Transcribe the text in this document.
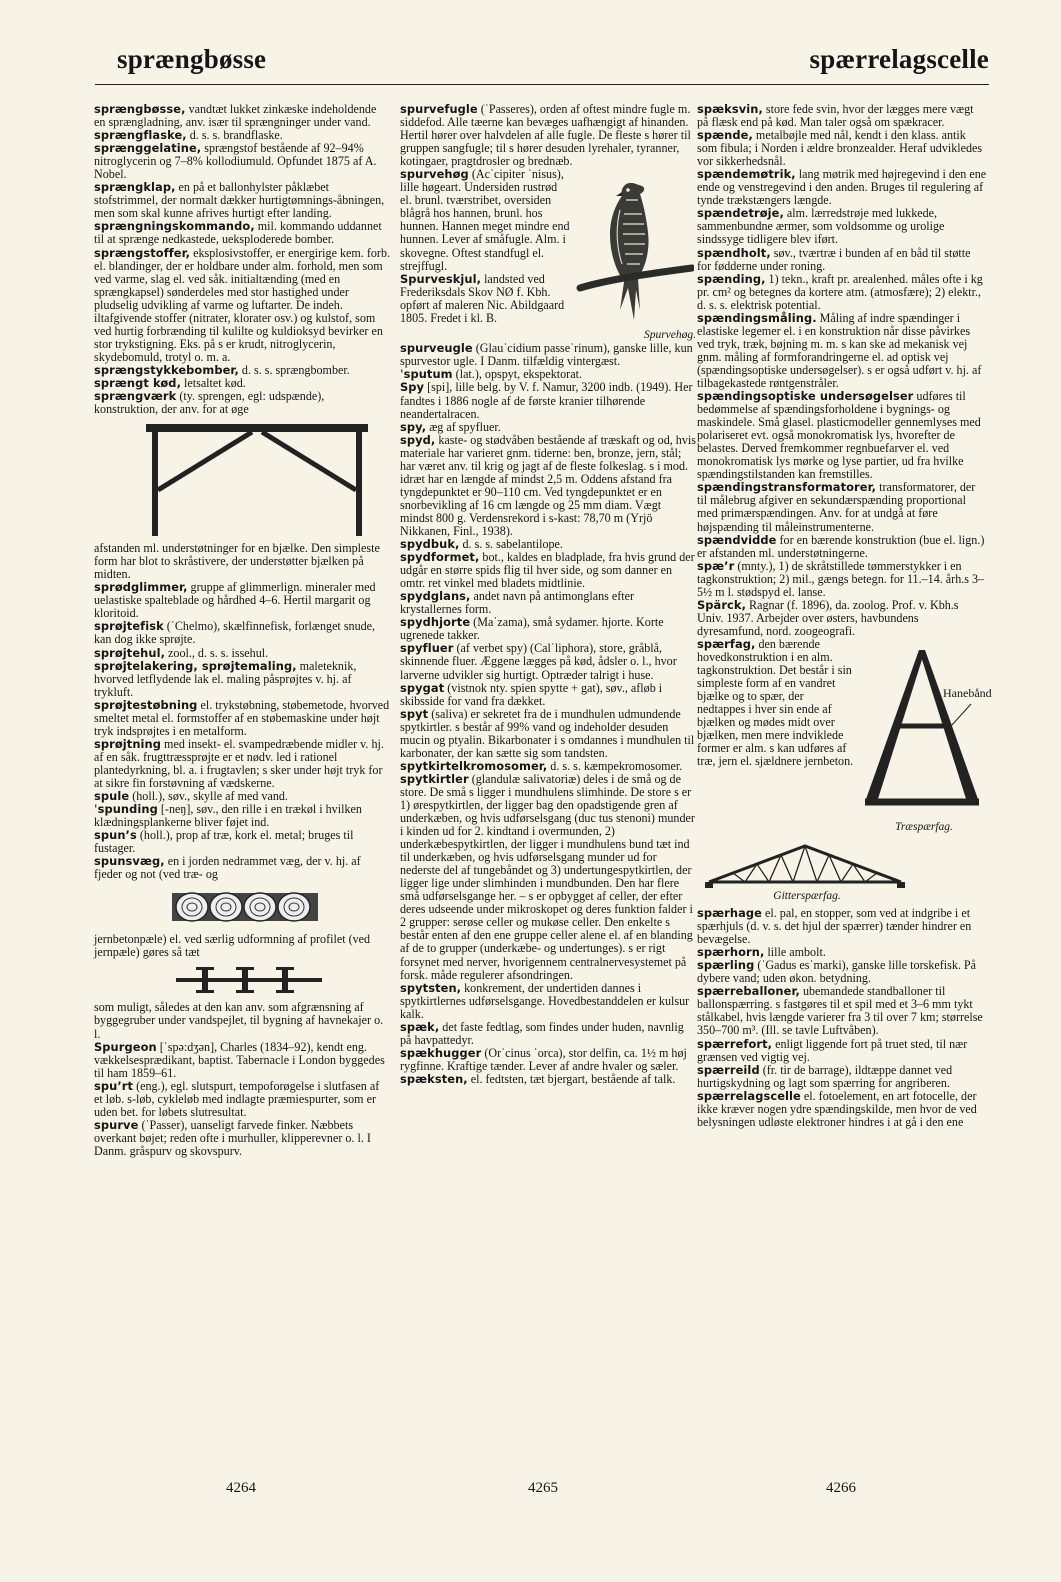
sprængbøsse	spærrelagscelle
sprængbøsse, vandtæt lukket zinkæske indeholdende en sprængladning, anv. især til sprængninger under vand.
sprængflaske, d. s. s. brandflaske.
sprænggelatine, sprængstof bestående af 92–94% nitroglycerin og 7–8% kollodiumuld. Opfundet 1875 af A. Nobel.
sprængklap, en på et ballonhylster påklæbet stofstrimmel, der normalt dækker hurtigtømnings-åbningen, men som skal kunne afrives hurtigt efter landing.
sprængningskommando, mil. kommando uddannet til at sprænge nedkastede, ueksploderede bomber.
sprængstoffer, eksplosivstoffer, er energirige kem. forb. el. blandinger, der er holdbare under alm. forhold, men som ved varme, slag el. ved såk. initialtænding (med en sprængkapsel) sønderdeles med stor hastighed under pludselig udvikling af varme og luftarter. De indeh. iltafgivende stoffer (nitrater, klorater osv.) og kulstof, som ved hurtig forbrænding til kulilte og kuldioksyd bevirker en stor trykstigning. Eks. på s er krudt, nitroglycerin, skydebomuld, trotyl o. m. a.
sprængstykkebomber, d. s. s. sprængbomber.
sprængt kød, letsaltet kød.
sprængværk (ty. sprengen, egl: udspænde), konstruktion, der anv. for at øge
afstanden ml. understøtninger for en bjælke. Den simpleste form har blot to skråstivere, der understøtter bjælken på midten.
sprødglimmer, gruppe af glimmerlign. mineraler med uelastiske spalteblade og hårdhed 4–6. Hertil margarit og kloritoid.
sprøjtefisk (ˈChelmo), skælfinnefisk, forlænget snude, kan dog ikke sprøjte.
sprøjtehul, zool., d. s. s. issehul.
sprøjtelakering, sprøjtemaling, maleteknik, hvorved letflydende lak el. maling påsprøjtes v. hj. af trykluft.
sprøjtestøbning el. trykstøbning, støbemetode, hvorved smeltet metal el. formstoffer af en støbemaskine under højt tryk indsprøjtes i en metalform.
sprøjtning med insekt- el. svampedræbende midler v. hj. af en såk. frugttræssprøjte er et nødv. led i rationel plantedyrkning, bl. a. i frugtavlen; s sker under højt tryk for at sikre fin forstøvning af vædskerne.
spule (holl.), søv., skylle af med vand.
ˈspunding [-neŋ], søv., den rille i en trækøl i hvilken klædningsplankerne bliver føjet ind.
spun’s (holl.), prop af træ, kork el. metal; bruges til fustager.
spunsvæg, en i jorden nedrammet væg, der v. hj. af fjeder og not (ved træ- og
jernbetonpæle) el. ved særlig udformning af profilet (ved jernpæle) gøres så tæt
som muligt, således at den kan anv. som afgrænsning af byggegruber under vandspejlet, til bygning af havnekajer o. l.
Spurgeon [ˈspə:dʒən], Charles (1834–92), kendt eng. vækkelsesprædikant, baptist. Tabernacle i London byggedes til ham 1859–61.
spu’rt (eng.), egl. slutspurt, tempoforøgelse i slutfasen af et løb. s-løb, cykleløb med indlagte præmiespurter, som er uden bet. for løbets slutresultat.
spurve (ˈPasser), uanseligt farvede finker. Næbbets overkant bøjet; reden ofte i murhuller, klipperevner o. l. I Danm. gråspurv og skovspurv.
spurvefugle (ˈPasseres), orden af oftest mindre fugle m. siddefod. Alle tæerne kan bevæges uafhængigt af hinanden. Hertil hører over halvdelen af alle fugle. De fleste s hører til gruppen sangfugle; til s hører desuden lyrehaler, tyranner, kotingaer, pragtdrosler og brednæb.
Spurvehøg.
spurvehøg (Acˈcipiter ˈnisus), lille høgeart. Undersiden rustrød el. brunl. tværstribet, oversiden blågrå hos hannen, brunl. hos hunnen. Hannen meget mindre end hunnen. Lever af småfugle. Alm. i skovegne. Oftest standfugl el. strejffugl.
Spurveskjul, landsted ved Frederiksdals Skov NØ f. Kbh. opført af maleren Nic. Abildgaard 1805. Fredet i kl. B.
spurveugle (Glauˈcidium passeˈrinum), ganske lille, kun spurvestor ugle. I Danm. tilfældig vintergæst.
ˈsputum (lat.), opspyt, ekspektorat.
Spy [spi], lille belg. by V. f. Namur, 3200 indb. (1949). Her fandtes i 1886 nogle af de første kranier tilhørende neandertalracen.
spy, æg af spyfluer.
spyd, kaste- og stødvåben bestående af træskaft og od, hvis materiale har varieret gnm. tiderne: ben, bronze, jern, stål; har været anv. til krig og jagt af de fleste folkeslag. s i mod. idræt har en længde af mindst 2,5 m. Oddens afstand fra tyngdepunktet er 90–110 cm. Ved tyngdepunktet er en snorbevikling af 16 cm længde og 25 mm diam. Vægt mindst 800 g. Verdensrekord i s-kast: 78,70 m (Yrjö Nikkanen, Finl., 1938).
spydbuk, d. s. s. sabelantilope.
spydformet, bot., kaldes en bladplade, fra hvis grund der udgår en større spids flig til hver side, og som danner en omtr. ret vinkel med bladets midtlinie.
spydglans, andet navn på antimonglans efter krystallernes form.
spydhjorte (Maˈzama), små sydamer. hjorte. Korte ugrenede takker.
spyfluer (af verbet spy) (Calˈliphora), store, gråblå, skinnende fluer. Æggene lægges på kød, ådsler o. l., hvor larverne udvikler sig hurtigt. Optræder talrigt i huse.
spygat (vistnok nty. spien spytte + gat), søv., afløb i skibsside for vand fra dækket.
spyt (saliva) er sekretet fra de i mundhulen udmundende spytkirtler. s består af 99% vand og indeholder desuden mucin og ptyalin. Bikarbonater i s omdannes i mundhulen til karbonater, der kan sætte sig som tandsten.
spytkirtelkromosomer, d. s. s. kæmpekromosomer.
spytkirtler (glandulæ salivatoriæ) deles i de små og de store. De små s ligger i mundhulens slimhinde. De store s er 1) ørespytkirtlen, der ligger bag den opadstigende gren af underkæben, og hvis udførselsgang (duc tus stenoni) munder i kinden ud for 2. kindtand i overmunden, 2) underkæbespytkirtlen, der ligger i mundhulens bund tæt ind til underkæben, og hvis udførselsgang munder ud for nederste del af tungebåndet og 3) undertungespytkirtlen, der ligger lige under slimhinden i mundbunden. Den har flere små udførselsgange her. – s er opbygget af celler, der efter deres udseende under mikroskopet og deres funktion falder i 2 grupper: serøse celler og mukøse celler. Den enkelte s består enten af den ene gruppe celler alene el. af en blanding af de to grupper (underkæbe- og undertunges). s er rigt forsynet med nerver, hvorigennem centralnervesystemet på forsk. måde regulerer afsondringen.
spytsten, konkrement, der undertiden dannes i spytkirtlernes udførselsgange. Hovedbestanddelen er kulsur kalk.
spæk, det faste fedtlag, som findes under huden, navnlig på havpattedyr.
spækhugger (Orˈcinus ˈorca), stor delfin, ca. 1½ m høj rygfinne. Kraftige tænder. Lever af andre hvaler og sæler.
spæksten, el. fedtsten, tæt bjergart, bestående af talk.
spæksvin, store fede svin, hvor der lægges mere vægt på flæsk end på kød. Man taler også om spækracer.
spænde, metalbøjle med nål, kendt i den klass. antik som fibula; i Norden i ældre bronzealder. Heraf udvikledes vor sikkerhedsnål.
spændemøtrik, lang møtrik med højregevind i den ene ende og venstregevind i den anden. Bruges til regulering af tynde trækstængers længde.
spændetrøje, alm. lærredstrøje med lukkede, sammenbundne ærmer, som voldsomme og urolige sindssyge tidligere blev iført.
spændholt, søv., tværtræ i bunden af en båd til støtte for fødderne under roning.
spænding, 1) tekn., kraft pr. arealenhed. måles ofte i kg pr. cm² og betegnes da kortere atm. (atmosfære); 2) elektr., d. s. s. elektrisk potential.
spændingsmåling. Måling af indre spændinger i elastiske legemer el. i en konstruktion når disse påvirkes ved tryk, træk, bøjning m. m. s kan ske ad mekanisk vej gnm. måling af formforandringerne el. ad optisk vej (spændingsoptiske undersøgelser). s er også udført v. hj. af tilbagekastede røntgenstråler.
spændingsoptiske undersøgelser udføres til bedømmelse af spændingsforholdene i bygnings- og maskindele. Små glasel. plasticmodeller gennemlyses med polariseret evt. også monokromatisk lys, hvorefter de belastes. Derved fremkommer regnbuefarver el. ved monokromatisk lys mørke og lyse partier, ud fra hvilke spændingstilstanden kan fremstilles.
spændingstransformatorer, transformatorer, der til målebrug afgiver en sekundærspænding proportional med primærspændingen. Anv. for at undgå at føre højspænding til måleinstrumenterne.
spændvidde for en bærende konstruktion (bue el. lign.) er afstanden ml. understøtningerne.
spæ’r (mnty.), 1) de skråtstillede tømmerstykker i en tagkonstruktion; 2) mil., gængs betegn. for 11.–14. årh.s 3–5½ m l. stødspyd el. lanse.
Spärck, Ragnar (f. 1896), da. zoolog. Prof. v. Kbh.s Univ. 1937. Arbejder over østers, havbundens dyresamfund, nord. zoogeografi.
Hanebånd
Træspærfag.
spærfag, den bærende hovedkonstruktion i en alm. tagkonstruktion. Det består i sin simpleste form af en vandret bjælke og to spær, der nedtappes i hver sin ende af bjælken og mødes midt over bjælken, men mere indviklede former er alm. s kan udføres af træ, jern el. sjældnere jernbeton.
Gitterspærfag.
spærhage el. pal, en stopper, som ved at indgribe i et spærhjuls (d. v. s. det hjul der spærrer) tænder hindrer en bevægelse.
spærhorn, lille ambolt.
spærling (ˈGadus esˈmarki), ganske lille torskefisk. På dybere vand; uden økon. betydning.
spærreballoner, ubemandede standballoner til ballonspærring. s fastgøres til et spil med et 3–6 mm tykt stålkabel, hvis længde varierer fra 3 til over 7 km; størrelse 350–700 m³. (Ill. se tavle Luftvåben).
spærrefort, enligt liggende fort på truet sted, til nær grænsen ved vigtig vej.
spærreild (fr. tir de barrage), ildtæppe dannet ved hurtigskydning og lagt som spærring for angriberen.
spærrelagscelle el. fotoelement, en art fotocelle, der ikke kræver nogen ydre spændingskilde, men hvor de ved belysningen udløste elektroner hindres i at gå i den ene
4264	4265	4266
